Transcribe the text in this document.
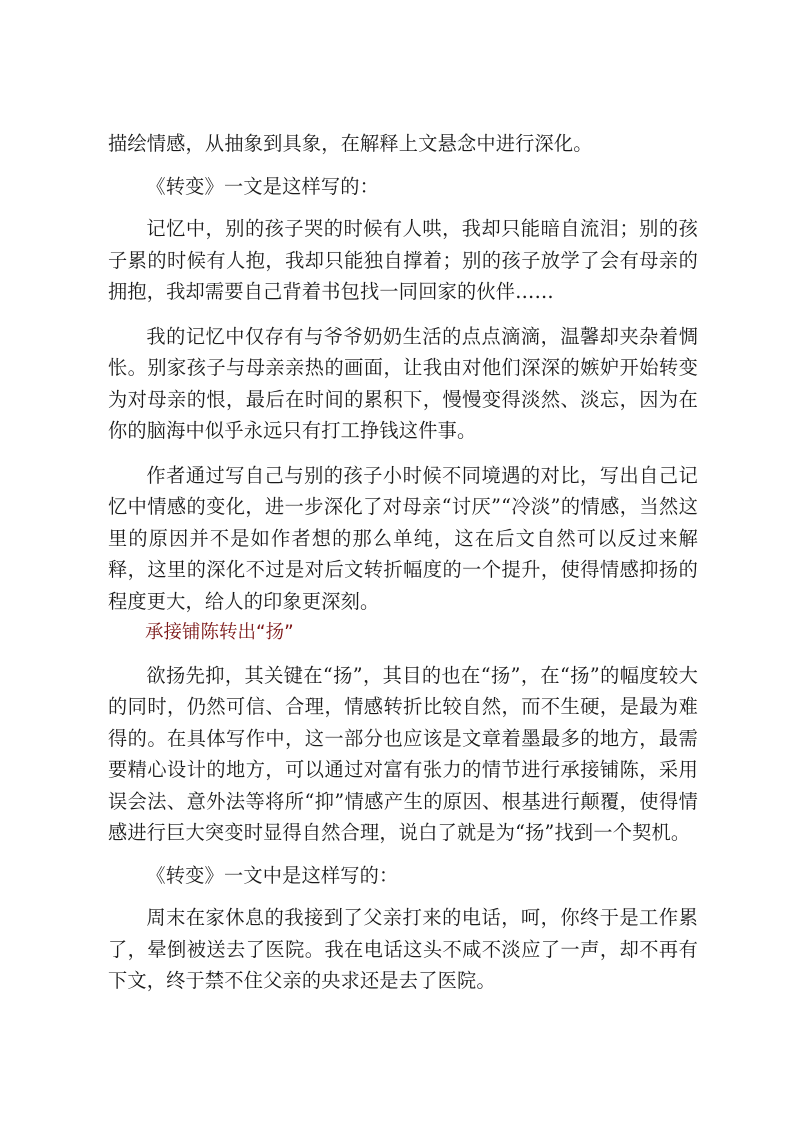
描绘情感，从抽象到具象，在解释上文悬念中进行深化。

《转变》一文是这样写的：

记忆中，别的孩子哭的时候有人哄，我却只能暗自流泪；别的孩子累的时候有人抱，我却只能独自撑着；别的孩子放学了会有母亲的拥抱，我却需要自己背着书包找一同回家的伙伴……

我的记忆中仅存有与爷爷奶奶生活的点点滴滴，温馨却夹杂着惆怅。别家孩子与母亲亲热的画面，让我由对他们深深的嫉妒开始转变为对母亲的恨，最后在时间的累积下，慢慢变得淡然、淡忘，因为在你的脑海中似乎永远只有打工挣钱这件事。

作者通过写自己与别的孩子小时候不同境遇的对比，写出自己记忆中情感的变化，进一步深化了对母亲“讨厌”“冷淡”的情感，当然这里的原因并不是如作者想的那么单纯，这在后文自然可以反过来解释，这里的深化不过是对后文转折幅度的一个提升，使得情感抑扬的程度更大，给人的印象更深刻。

承接铺陈转出“扬”

欲扬先抑，其关键在“扬”，其目的也在“扬”，在“扬”的幅度较大的同时，仍然可信、合理，情感转折比较自然，而不生硬，是最为难得的。在具体写作中，这一部分也应该是文章着墨最多的地方，最需要精心设计的地方，可以通过对富有张力的情节进行承接铺陈，采用误会法、意外法等将所“抑”情感产生的原因、根基进行颠覆，使得情感进行巨大突变时显得自然合理，说白了就是为“扬”找到一个契机。

《转变》一文中是这样写的：

周末在家休息的我接到了父亲打来的电话，呵，你终于是工作累了，晕倒被送去了医院。我在电话这头不咸不淡应了一声，却不再有下文，终于禁不住父亲的央求还是去了医院。
